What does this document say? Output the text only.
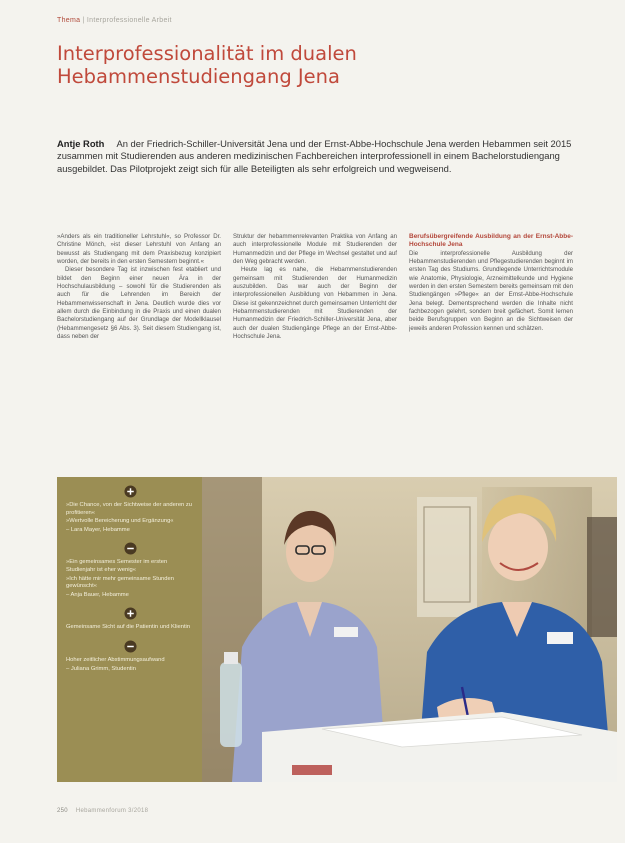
Thema | Interprofessionelle Arbeit
Interprofessionalität im dualen Hebammenstudiengang Jena

Antje Roth An der Friedrich-Schiller-Universität Jena und der Ernst-Abbe-Hochschule Jena werden Hebammen seit 2015 zusammen mit Studierenden aus anderen medizinischen Fachbereichen interprofessionell in einem Bachelorstudiengang ausgebildet. Das Pilotprojekt zeigt sich für alle Beteiligten als sehr erfolgreich und wegweisend.

»Anders als ein traditioneller Lehrstuhl«, so Professor Dr. Christine Mönch, »ist dieser Lehrstuhl von Anfang an bewusst als Studiengang mit dem Praxisbezug konzipiert worden, der bereits in den ersten Semestern beginnt.«

Dieser besondere Tag ist inzwischen fest etabliert und bildet den Beginn einer neuen Ära in der Hochschulausbildung – sowohl für die Studierenden als auch für die Lehrenden im Bereich der Hebammenwissenschaft in Jena. Deutlich wurde dies vor allem durch die Einbindung in die Praxis und einen dualen Bachelorstudiengang auf der Grundlage der Modellklausel (Hebammengesetz §6 Abs. 3). Seit diesem Studiengang ist, dass neben der

Struktur der hebammenrelevanten Praktika von Anfang an auch interprofessionelle Module mit Studierenden der Humanmedizin und der Pflege im Wechsel gestaltet und auf den Weg gebracht werden.

Heute lag es nahe, die Hebammenstudierenden gemeinsam mit Studierenden der Humanmedizin auszubilden. Das war auch der Beginn der interprofessionellen Ausbildung von Hebammen in Jena. Diese ist gekennzeichnet durch gemeinsamen Unterricht der Hebammenstudierenden mit Studierenden der Humanmedizin der Friedrich-Schiller-Universität Jena, aber auch der dualen Studiengänge Pflege an der Ernst-Abbe-Hochschule Jena.

Berufsübergreifende Ausbildung an der Ernst-Abbe-Hochschule Jena

Die interprofessionelle Ausbildung der Hebammenstudierenden und Pflegestudierenden beginnt im ersten Tag des Studiums. Grundlegende Unterrichtsmodule wie Anatomie, Physiologie, Arzneimittelkunde und Hygiene werden in den ersten Semestern bereits gemeinsam mit den Studiengängen »Pflege« an der Ernst-Abbe-Hochschule Jena belegt. Dementsprechend werden die Inhalte nicht fachbezogen gelehrt, sondern breit gefächert. Somit lernen beide Berufsgruppen von Beginn an die Sichtweisen der jeweils anderen Profession kennen und schätzen.

»Die Chance, von der Sichtweise der anderen zu profitieren«
»Wertvolle Bereicherung und Ergänzung«
– Lara Mayer, Hebamme
»Ein gemeinsames Semester im ersten Studienjahr ist eher wenig«
»Ich hätte mir mehr gemeinsame Stunden gewünscht«
– Anja Bauer, Hebamme
Gemeinsame Sicht auf die Patientin und Klientin
Hoher zeitlicher Abstimmungsaufwand
– Juliana Grimm, Studentin
250 Hebammenforum 3/2018
